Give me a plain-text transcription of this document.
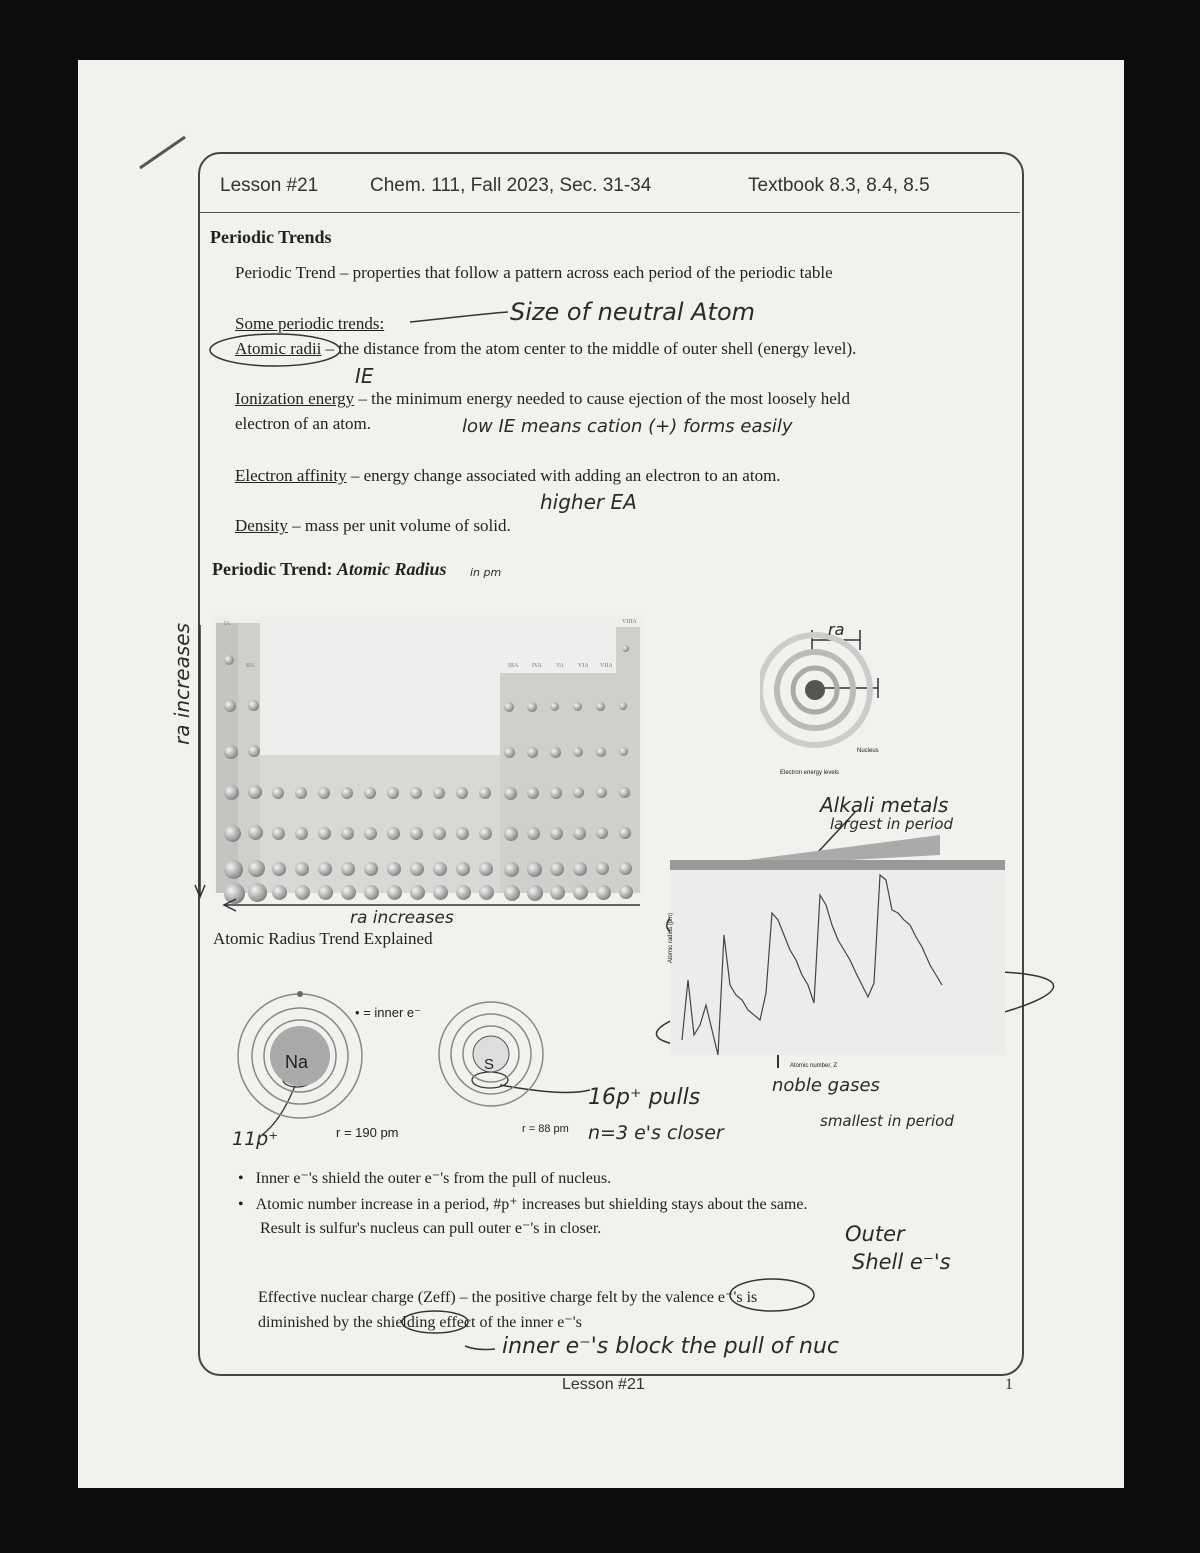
Lesson #21	Chem. 111, Fall 2023, Sec. 31-34	Textbook 8.3, 8.4, 8.5
Periodic Trends
Periodic Trend – properties that follow a pattern across each period of the periodic table
Some periodic trends:
Atomic radii – the distance from the atom center to the middle of outer shell (energy level).
Ionization energy – the minimum energy needed to cause ejection of the most loosely held
electron of an atom.
Electron affinity – energy change associated with adding an electron to an atom.
Density – mass per unit volume of solid.
Periodic Trend: Atomic Radius
IA
IIA	IIIA IVA VA VIA VIIA
VIIIA
Nucleus
Electron energy levels
ra
Atomic radius (pm)
Atomic number, Z
Atomic Radius Trend Explained
Na
r = 190 pm
• = inner e⁻
S
r = 88 pm
• Inner e⁻'s shield the outer e⁻'s from the pull of nucleus.
• Atomic number increase in a period, #p⁺ increases but shielding stays about the same.
Result is sulfur's nucleus can pull outer e⁻'s in closer.
Effective nuclear charge (Zeff) – the positive charge felt by the valence e⁻'s is
diminished by the shielding effect of the inner e⁻'s
Size of neutral Atom
IE
low IE means cation (+) forms easily
higher EA
in pm
ra increases
ra increases
Alkali metals
largest in period
noble gases
smallest in period
16p⁺ pulls
n=3 e's closer
11p⁺
Outer
Shell e⁻'s
inner e⁻'s block the pull of nuc
Lesson #21	1
